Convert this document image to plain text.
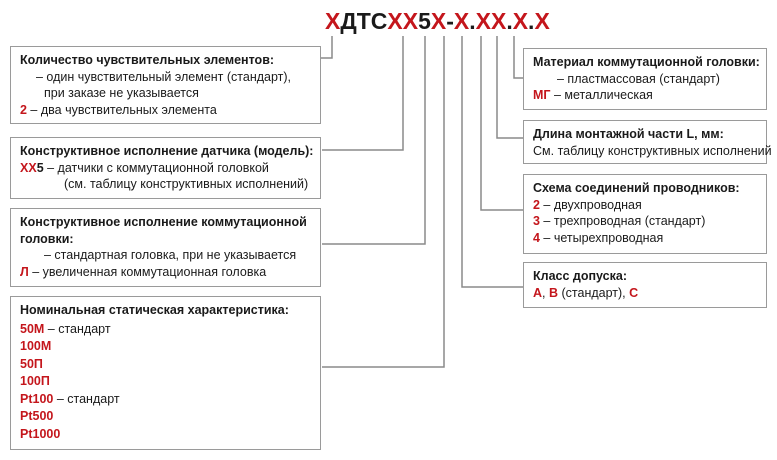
ХДТСХХ5Х-Х.ХХ.Х.Х
Количество чувствительных элементов:
– один чувствительный элемент (стандарт),
при заказе не указывается
2 – два чувствительных элемента
Конструктивное исполнение датчика (модель):
ХХ5 – датчики с коммутационной головкой
(см. таблицу конструктивных исполнений)
Конструктивное исполнение коммутационной головки:
– стандартная головка, при не указывается
Л – увеличенная коммутационная головка
Номинальная статическая характеристика:
50М – стандарт
100М
50П
100П
Pt100 – стандарт
Pt500
Pt1000
Материал коммутационной головки:
– пластмассовая (стандарт)
МГ – металлическая
Длина монтажной части L, мм:
См. таблицу конструктивных исполнений
Схема соединений проводников:
2 – двухпроводная
3 – трехпроводная (стандарт)
4 – четырехпроводная
Класс допуска:
А, В (стандарт), С
